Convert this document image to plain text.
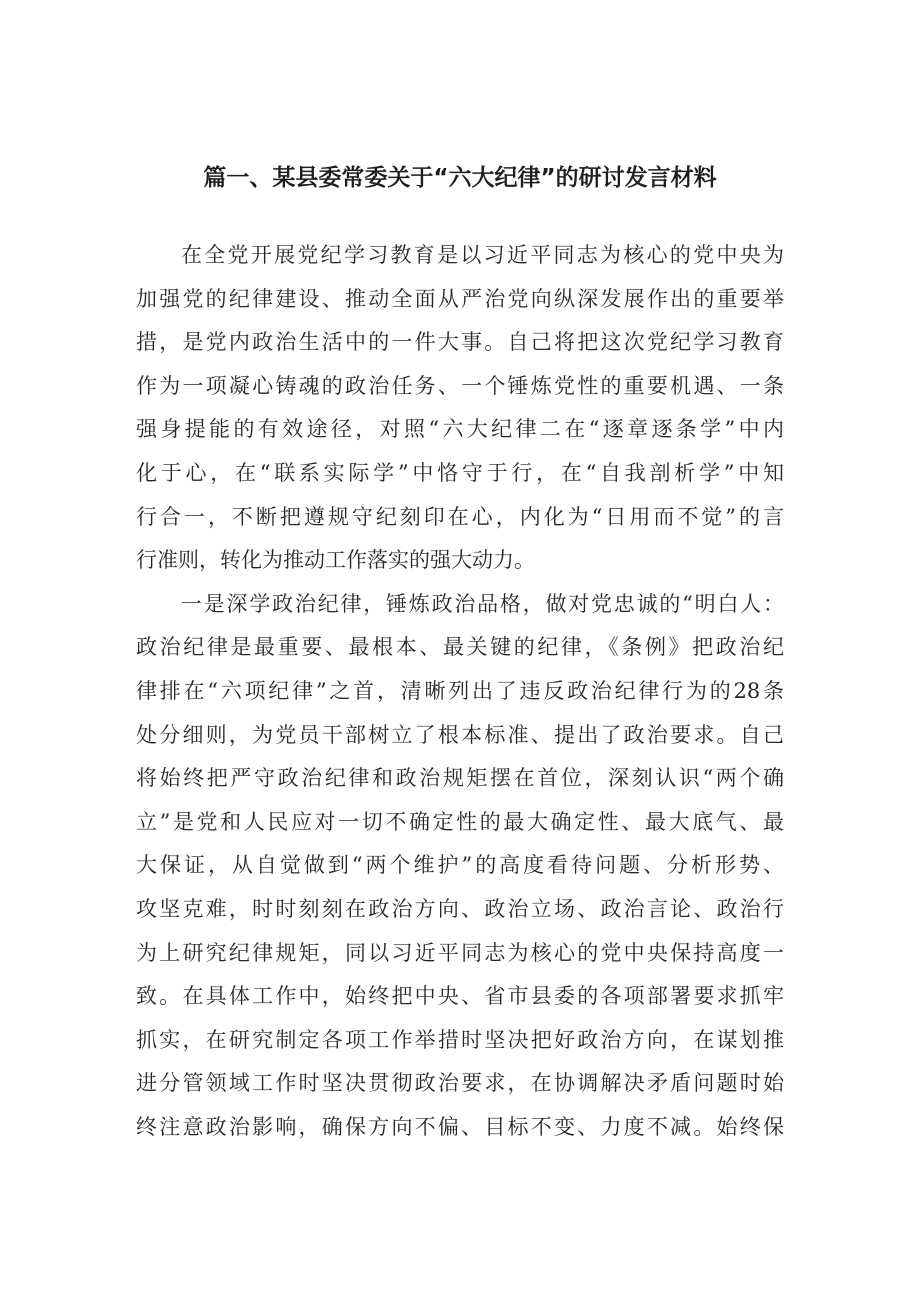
篇一、某县委常委关于“六大纪律”的研讨发言材料
在全党开展党纪学习教育是以习近平同志为核心的党中央为
加强党的纪律建设、推动全面从严治党向纵深发展作出的重要举
措，是党内政治生活中的一件大事。自己将把这次党纪学习教育
作为一项凝心铸魂的政治任务、一个锤炼党性的重要机遇、一条
强身提能的有效途径，对照“六大纪律二在“逐章逐条学”中内
化于心，在“联系实际学”中恪守于行，在“自我剖析学”中知
行合一，不断把遵规守纪刻印在心，内化为“日用而不觉”的言
行准则，转化为推动工作落实的强大动力。
一是深学政治纪律，锤炼政治品格，做对党忠诚的“明白人：
政治纪律是最重要、最根本、最关键的纪律，《条例》把政治纪
律排在“六项纪律”之首，清晰列出了违反政治纪律行为的28条
处分细则，为党员干部树立了根本标准、提出了政治要求。自己
将始终把严守政治纪律和政治规矩摆在首位，深刻认识“两个确
立”是党和人民应对一切不确定性的最大确定性、最大底气、最
大保证，从自觉做到“两个维护”的高度看待问题、分析形势、
攻坚克难，时时刻刻在政治方向、政治立场、政治言论、政治行
为上研究纪律规矩，同以习近平同志为核心的党中央保持高度一
致。在具体工作中，始终把中央、省市县委的各项部署要求抓牢
抓实，在研究制定各项工作举措时坚决把好政治方向，在谋划推
进分管领域工作时坚决贯彻政治要求，在协调解决矛盾问题时始
终注意政治影响，确保方向不偏、目标不变、力度不减。始终保
